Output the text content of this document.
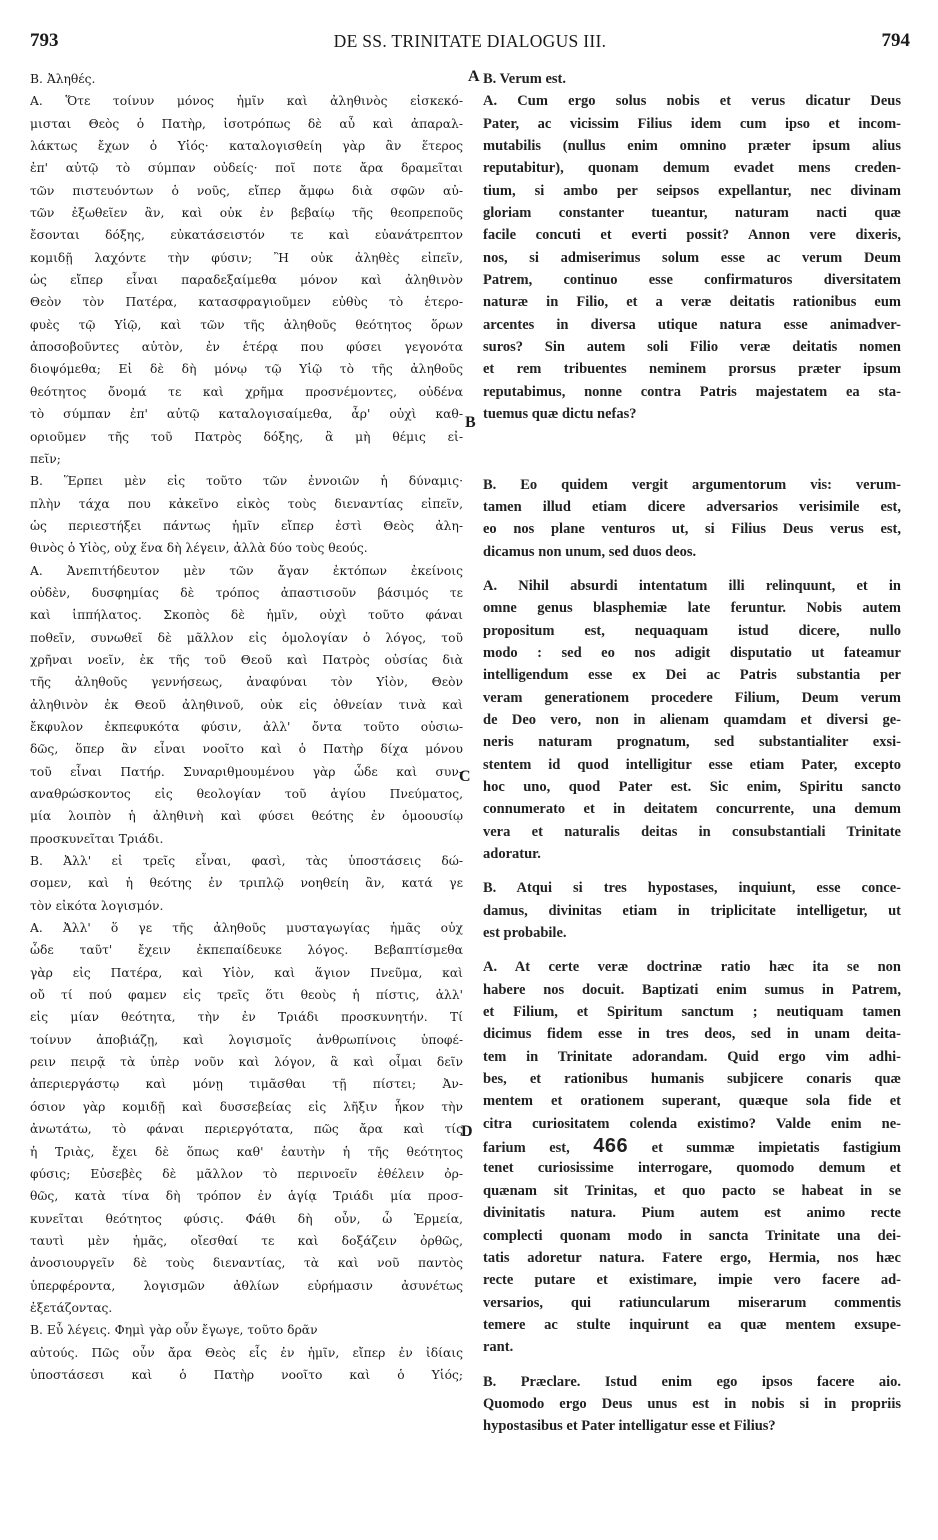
793	DE SS. TRINITATE DIALOGUS III.	794
A
B
C
D
B. Ἀληθές.
A. Ὅτε τοίνυν μόνος ἡμῖν καὶ ἀληθινὸς εἰσκεκό-
μισται Θεὸς ὁ Πατὴρ, ἰσοτρόπως δὲ αὖ καὶ ἀπαραλ-
λάκτως ἔχων ὁ Υἱός· καταλογισθείη γὰρ ἂν ἕτερος
ἐπ' αὐτῷ τὸ σύμπαν οὐδείς· ποῖ ποτε ἄρα δραμεῖται
τῶν πιστευόντων ὁ νοῦς, εἴπερ ἄμφω διὰ σφῶν αὐ-
τῶν ἐξωθεῖεν ἂν, καὶ οὐκ ἐν βεβαίῳ τῆς θεοπρεποῦς
ἔσονται δόξης, εὐκατάσειστόν τε καὶ εὐανάτρεπτον
κομιδῇ λαχόντε τὴν φύσιν; Ἢ οὐκ ἀληθὲς εἰπεῖν,
ὡς εἴπερ εἶναι παραδεξαίμεθα μόνον καὶ ἀληθινὸν
Θεὸν τὸν Πατέρα, κατασφραγιοῦμεν εὐθὺς τὸ ἑτερο-
φυὲς τῷ Υἱῷ, καὶ τῶν τῆς ἀληθοῦς θεότητος ὅρων
ἀποσοβοῦντες αὐτὸν, ἐν ἑτέρᾳ που φύσει γεγονότα
διοψόμεθα; Εἰ δὲ δὴ μόνῳ τῷ Υἱῷ τὸ τῆς ἀληθοῦς
θεότητος ὄνομά τε καὶ χρῆμα προσνέμοντες, οὐδένα
τὸ σύμπαν ἐπ' αὐτῷ καταλογισαίμεθα, ἆρ' οὐχὶ καθ-
οριοῦμεν τῆς τοῦ Πατρὸς δόξης, ἃ μὴ θέμις εἰ-
πεῖν;
B. Ἕρπει μὲν εἰς τοῦτο τῶν ἐννοιῶν ἡ δύναμις·
πλὴν τάχα που κἀκεῖνο εἰκὸς τοὺς διεναντίας εἰπεῖν,
ὡς περιεστήξει πάντως ἡμῖν εἴπερ ἐστὶ Θεὸς ἀλη-
θινὸς ὁ Υἱὸς, οὐχ ἕνα δὴ λέγειν, ἀλλὰ δύο τοὺς θεούς.
A. Ἀνεπιτήδευτον μὲν τῶν ἄγαν ἐκτόπων ἐκείνοις
οὐδὲν, δυσφημίας δὲ τρόπος ἀπαστισοῦν βάσιμός τε
καὶ ἱππήλατος. Σκοπὸς δὲ ἡμῖν, οὐχὶ τοῦτο φάναι
ποθεῖν, συνωθεῖ δὲ μᾶλλον εἰς ὁμολογίαν ὁ λόγος, τοῦ
χρῆναι νοεῖν, ἐκ τῆς τοῦ Θεοῦ καὶ Πατρὸς οὐσίας διὰ
τῆς ἀληθοῦς γεννήσεως, ἀναφύναι τὸν Υἱὸν, Θεὸν
ἀληθινὸν ἐκ Θεοῦ ἀληθινοῦ, οὐκ εἰς ὀθνείαν τινὰ καὶ
ἔκφυλον ἐκπεφυκότα φύσιν, ἀλλ' ὄντα τοῦτο οὐσιω-
δῶς, ὅπερ ἂν εἶναι νοοῖτο καὶ ὁ Πατὴρ δίχα μόνου
τοῦ εἶναι Πατήρ. Συναριθμουμένου γὰρ ὧδε καὶ συν-
αναθρώσκοντος εἰς θεολογίαν τοῦ ἁγίου Πνεύματος,
μία λοιπὸν ἡ ἀληθινὴ καὶ φύσει θεότης ἐν ὁμοουσίῳ
προσκυνεῖται Τριάδι.
B. Ἀλλ' εἰ τρεῖς εἶναι, φασὶ, τὰς ὑποστάσεις δώ-
σομεν, καὶ ἡ θεότης ἐν τριπλῷ νοηθείη ἂν, κατά γε
τὸν εἰκότα λογισμόν.
A. Ἀλλ' ὅ γε τῆς ἀληθοῦς μυσταγωγίας ἡμᾶς οὐχ
ὧδε ταῦτ' ἔχειν ἐκπεπαίδευκε λόγος. Βεβαπτίσμεθα
γὰρ εἰς Πατέρα, καὶ Υἱὸν, καὶ ἅγιον Πνεῦμα, καὶ
οὔ τί πού φαμεν εἰς τρεῖς ὅτι θεοὺς ἡ πίστις, ἀλλ'
εἰς μίαν θεότητα, τὴν ἐν Τριάδι προσκυνητήν. Τί
τοίνυν ἀποβιάζῃ, καὶ λογισμοῖς ἀνθρωπίνοις ὑποφέ-
ρειν πειρᾷ τὰ ὑπὲρ νοῦν καὶ λόγον, ἃ καὶ οἶμαι δεῖν
ἀπεριεργάστῳ καὶ μόνῃ τιμᾶσθαι τῇ πίστει; Ἀν-
όσιον γὰρ κομιδῇ καὶ δυσσεβείας εἰς λῆξιν ἧκον τὴν
ἀνωτάτω, τὸ φάναι περιεργότατα, πῶς ἄρα καὶ τίς
ἡ Τριὰς, ἔχει δὲ ὅπως καθ' ἑαυτὴν ἡ τῆς θεότητος
φύσις; Εὐσεβὲς δὲ μᾶλλον τὸ περινοεῖν ἐθέλειν ὀρ-
θῶς, κατὰ τίνα δὴ τρόπον ἐν ἁγίᾳ Τριάδι μία προσ-
κυνεῖται θεότητος φύσις. Φάθι δὴ οὖν, ὦ Ἑρμεία,
ταυτὶ μὲν ἡμᾶς, οἴεσθαί τε καὶ δοξάζειν ὀρθῶς,
ἀνοσιουργεῖν δὲ τοὺς διεναντίας, τὰ καὶ νοῦ παντὸς
ὑπερφέροντα, λογισμῶν ἀθλίων εὑρήμασιν ἀσυνέτως
ἐξετάζοντας.
B. Εὖ λέγεις. Φημὶ γὰρ οὖν ἔγωγε, τοῦτο δρᾶν
αὐτούς. Πῶς οὖν ἄρα Θεὸς εἷς ἐν ἡμῖν, εἴπερ ἐν ἰδίαις
ὑποστάσεσι καὶ ὁ Πατὴρ νοοῖτο καὶ ὁ Υἱός;
B. Verum est.
A. Cum ergo solus nobis et verus dicatur Deus
Pater, ac vicissim Filius idem cum ipso et incom-
mutabilis (nullus enim omnino præter ipsum alius
reputabitur), quonam demum evadet mens creden-
tium, si ambo per seipsos expellantur, nec divinam
gloriam constanter tueantur, naturam nacti quæ
facile concuti et everti possit? Annon vere dixeris,
nos, si admiserimus solum esse ac verum Deum
Patrem, continuo esse confirmaturos diversitatem
naturæ in Filio, et a veræ deitatis rationibus eum
arcentes in diversa utique natura esse animadver-
suros? Sin autem soli Filio veræ deitatis nomen
et rem tribuentes neminem prorsus præter ipsum
reputabimus, nonne contra Patris majestatem ea sta-
tuemus quæ dictu nefas?
B. Eo quidem vergit argumentorum vis: verum-
tamen illud etiam dicere adversarios verisimile est,
eo nos plane venturos ut, si Filius Deus verus est,
dicamus non unum, sed duos deos.
A. Nihil absurdi intentatum illi relinquunt, et in
omne genus blasphemiæ late feruntur. Nobis autem
propositum est, nequaquam istud dicere, nullo
modo : sed eo nos adigit disputatio ut fateamur
intelligendum esse ex Dei ac Patris substantia per
veram generationem procedere Filium, Deum verum
de Deo vero, non in alienam quamdam et diversi ge-
neris naturam prognatum, sed substantialiter exsi-
stentem id quod intelligitur esse etiam Pater, excepto
hoc uno, quod Pater est. Sic enim, Spiritu sancto
connumerato et in deitatem concurrente, una demum
vera et naturalis deitas in consubstantiali Trinitate
adoratur.
B. Atqui si tres hypostases, inquiunt, esse conce-
damus, divinitas etiam in triplicitate intelligetur, ut
est probabile.
A. At certe veræ doctrinæ ratio hæc ita se non
habere nos docuit. Baptizati enim sumus in Patrem,
et Filium, et Spiritum sanctum ; neutiquam tamen
dicimus fidem esse in tres deos, sed in unam deita-
tem in Trinitate adorandam. Quid ergo vim adhi-
bes, et rationibus humanis subjicere conaris quæ
mentem et orationem superant, quæque sola fide et
citra curiositatem colenda existimo? Valde enim ne-
farium est, 466 et summæ impietatis fastigium
tenet curiosissime interrogare, quomodo demum et
quænam sit Trinitas, et quo pacto se habeat in se
divinitatis natura. Pium autem est animo recte
complecti quonam modo in sancta Trinitate una dei-
tatis adoretur natura. Fatere ergo, Hermia, nos hæc
recte putare et existimare, impie vero facere ad-
versarios, qui ratiuncularum miserarum commentis
temere ac stulte inquirunt ea quæ mentem exsupe-
rant.
B. Præclare. Istud enim ego ipsos facere aio.
Quomodo ergo Deus unus est in nobis si in propriis
hypostasibus et Pater intelligatur esse et Filius?
